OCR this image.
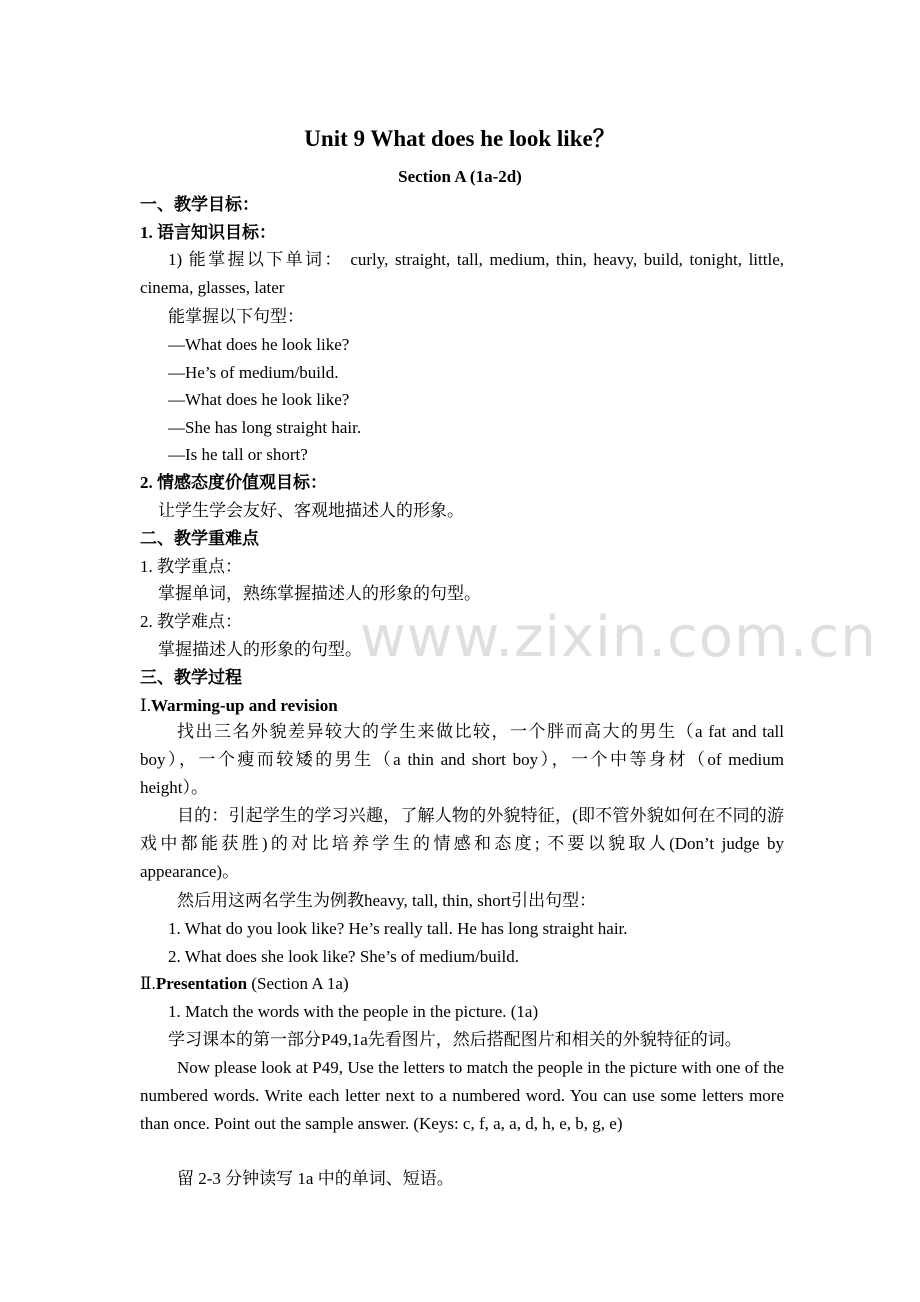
Unit 9 What does he look like？
Section A (1a-2d)
一、教学目标：
1. 语言知识目标：
1) 能掌握以下单词： curly, straight, tall, medium, thin, heavy, build, tonight, little, cinema, glasses, later
能掌握以下句型：
—What does he look like?
—He’s of medium/build.
—What does he look like?
—She has long straight hair.
—Is he tall or short?
2. 情感态度价值观目标：
让学生学会友好、客观地描述人的形象。
二、教学重难点
1. 教学重点：
掌握单词，熟练掌握描述人的形象的句型。
2. 教学难点：
掌握描述人的形象的句型。
三、教学过程
Ⅰ.Warming-up and revision
找出三名外貌差异较大的学生来做比较，一个胖而高大的男生（a fat and tall boy），一个瘦而较矮的男生（a thin and short boy），一个中等身材（of medium height）。
目的：引起学生的学习兴趣，了解人物的外貌特征，(即不管外貌如何在不同的游戏中都能获胜)的对比培养学生的情感和态度; 不要以貌取人(Don’t judge by appearance)。
然后用这两名学生为例教heavy, tall, thin, short引出句型：
1. What do you look like? He’s really tall. He has long straight hair.
2. What does she look like? She’s of medium/build.
Ⅱ.Presentation (Section A 1a)
1. Match the words with the people in the picture. (1a)
学习课本的第一部分P49,1a先看图片，然后搭配图片和相关的外貌特征的词。
Now please look at P49, Use the letters to match the people in the picture with one of the numbered words. Write each letter next to a numbered word. You can use some letters more than once. Point out the sample answer. (Keys: c, f, a, a, d, h, e, b, g, e)
留 2-3 分钟读写 1a 中的单词、短语。
www.zixin.com.cn
